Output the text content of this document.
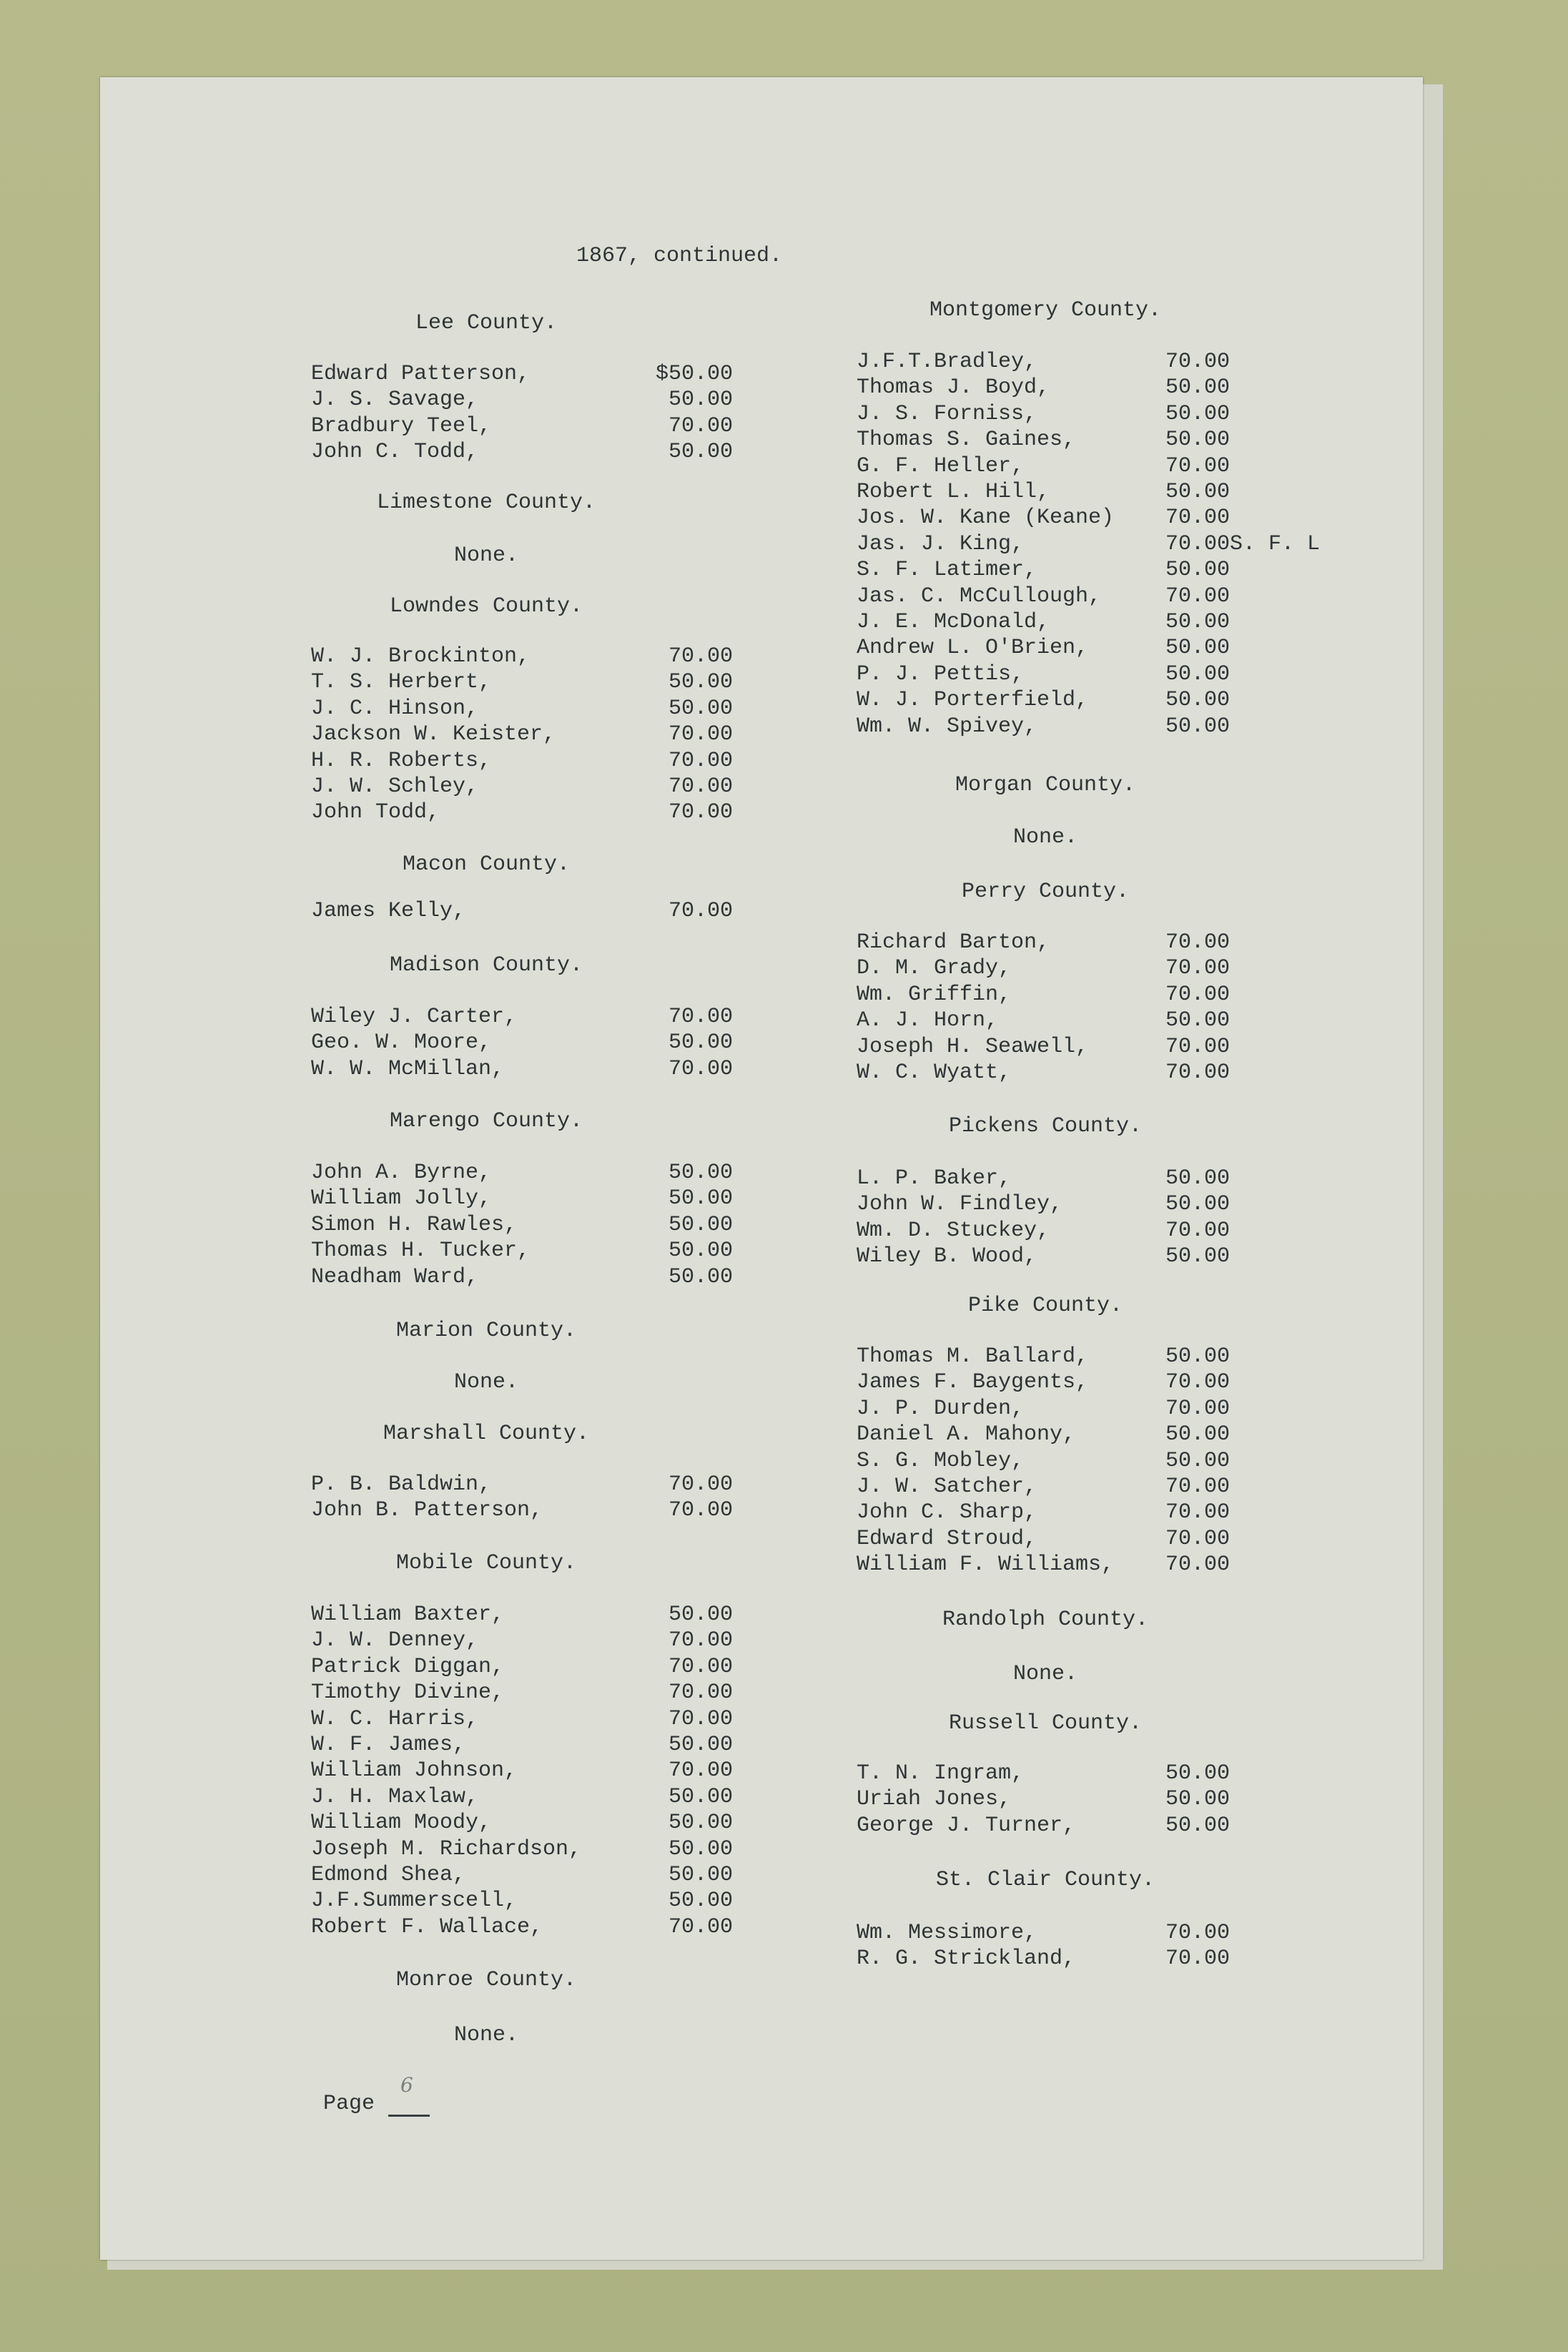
1867, continued.
Lee County.
Edward Patterson,	$50.00
J. S. Savage,	50.00
Bradbury Teel,	70.00
John C. Todd,	50.00
Limestone County.
None.
Lowndes County.
W. J. Brockinton,	70.00
T. S. Herbert,	50.00
J. C. Hinson,	50.00
Jackson W. Keister,	70.00
H. R. Roberts,	70.00
J. W. Schley,	70.00
John Todd,	70.00
Macon County.
James Kelly,	70.00
Madison County.
Wiley J. Carter,	70.00
Geo. W. Moore,	50.00
W. W. McMillan,	70.00
Marengo County.
John A. Byrne,	50.00
William Jolly,	50.00
Simon H. Rawles,	50.00
Thomas H. Tucker,	50.00
Neadham Ward,	50.00
Marion County.
None.
Marshall County.
P. B. Baldwin,	70.00
John B. Patterson,	70.00
Mobile County.
William Baxter,	50.00
J. W. Denney,	70.00
Patrick Diggan,	70.00
Timothy Divine,	70.00
W. C. Harris,	70.00
W. F. James,	50.00
William Johnson,	70.00
J. H. Maxlaw,	50.00
William Moody,	50.00
Joseph M. Richardson,	50.00
Edmond Shea,	50.00
J.F.Summerscell,	50.00
Robert F. Wallace,	70.00
Monroe County.
None.
Montgomery County.
J.F.T.Bradley,	70.00
Thomas J. Boyd,	50.00
J. S. Forniss,	50.00
Thomas S. Gaines,	50.00
G. F. Heller,	70.00
Robert L. Hill,	50.00
Jos. W. Kane (Keane) 70.00
Jas. J. King,	70.00S. F. L
S. F. Latimer,	50.00
Jas. C. McCullough,	70.00
J. E. McDonald,	50.00
Andrew L. O'Brien,	50.00
P. J. Pettis,	50.00
W. J. Porterfield,	50.00
Wm. W. Spivey,	50.00
Morgan County.
None.
Perry County.
Richard Barton,	70.00
D. M. Grady,	70.00
Wm. Griffin,	70.00
A. J. Horn,	50.00
Joseph H. Seawell,	70.00
W. C. Wyatt,	70.00
Pickens County.
L. P. Baker,	50.00
John W. Findley,	50.00
Wm. D. Stuckey,	70.00
Wiley B. Wood,	50.00
Pike County.
Thomas M. Ballard,	50.00
James F. Baygents,	70.00
J. P. Durden,	70.00
Daniel A. Mahony,	50.00
S. G. Mobley,	50.00
J. W. Satcher,	70.00
John C. Sharp,	70.00
Edward Stroud,	70.00
William F. Williams, 70.00
Randolph County.
None.
Russell County.
T. N. Ingram,	50.00
Uriah Jones,	50.00
George J. Turner,	50.00
St. Clair County.
Wm. Messimore,	70.00
R. G. Strickland,	70.00
Page
6
